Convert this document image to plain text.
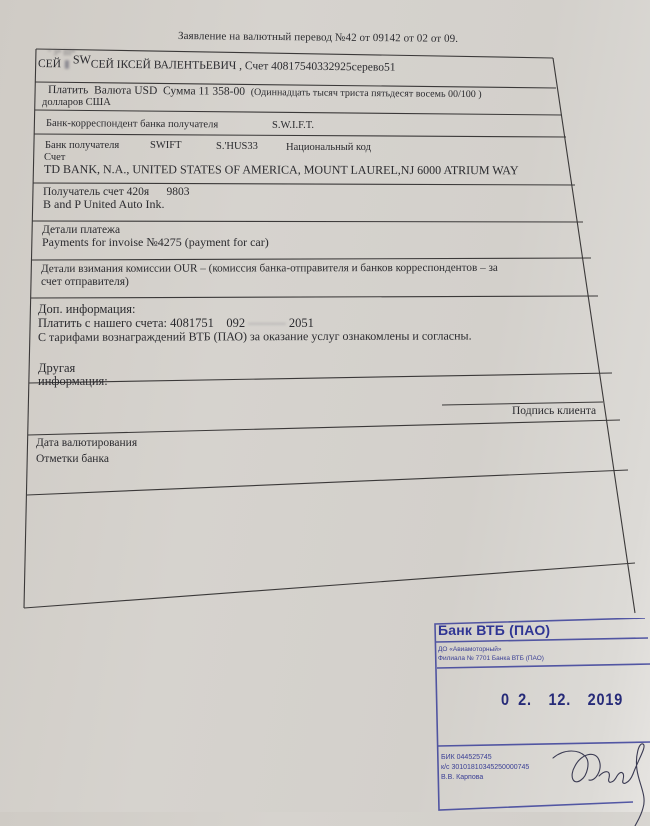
Заявление на валютный перевод №42 от 09142 от 02 от 09.
" 3* III*
СЕЙ ▮ SWСЕЙ ІКСЕЙ ВАЛЕНТЬЕВИЧ , Счет 40817540332925серево51
Платить Валюта USD Сумма 11 358-00 (Одиннадцать тысяч триста пятьдесят восемь 00/100 )
долларов США
Банк-корреспондент банка получателя	S.W.I.F.T.
Банк получателя	SWIFT	S.'HUS33	Национальный код
Счет
TD BANK, N.A., UNITED STATES OF AMERICA, MOUNT LAUREL,NJ 6000 ATRIUM WAY
Получатель счет 420я 9803
B and P United Auto Ink.
Детали платежа
Payments for invoise №4275 (payment for car)
Детали взимания комиссии OUR – (комиссия банка-отправителя и банков корреспондентов – за
счет отправителя)
Доп. информация:
Платить с нашего счета: 4081751 092 ——— 2051
С тарифами вознаграждений ВТБ (ПАО) за оказание услуг ознакомлены и согласны.
Другая
информация:
Подпись клиента
Дата валютирования
Отметки банка
Банк ВТБ (ПАО)
ДО «Авиамоторный»
Филиала № 7701 Банка ВТБ (ПАО)
0 2. 12. 2019
БИК 044525745
к/с 30101810345250000745
В.В. Карпова
